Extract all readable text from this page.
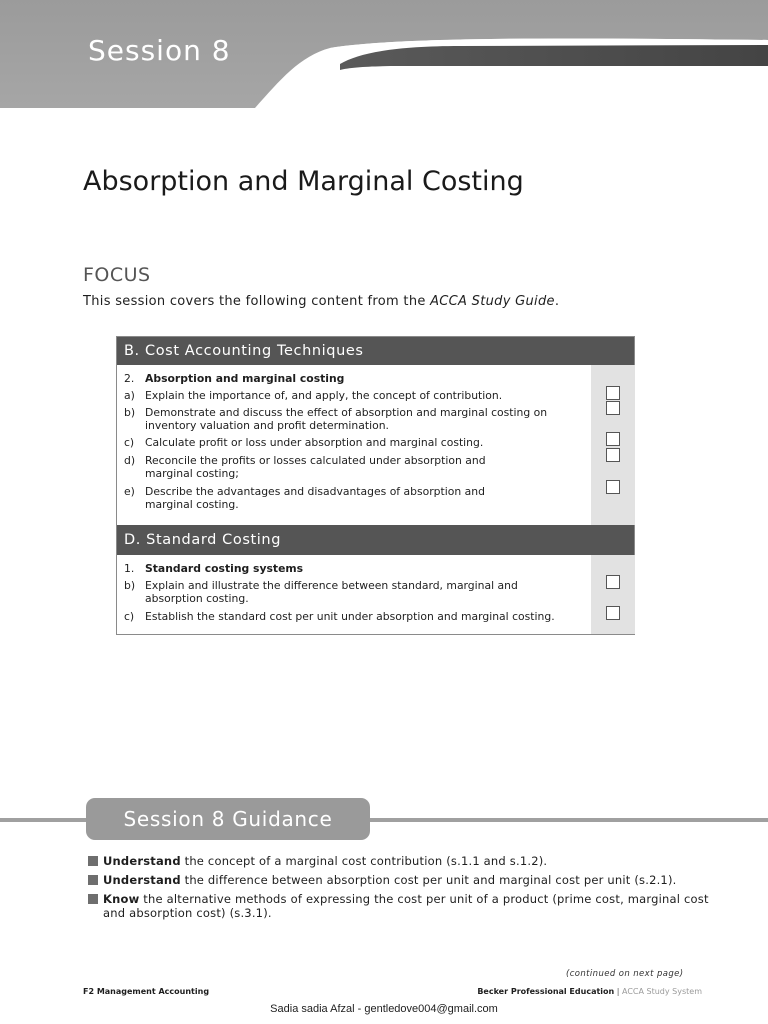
Session 8
Absorption and Marginal Costing
FOCUS
This session covers the following content from the ACCA Study Guide.
B. Cost Accounting Techniques
2. Absorption and marginal costing
a) Explain the importance of, and apply, the concept of contribution.
b) Demonstrate and discuss the effect of absorption and marginal costing on
inventory valuation and profit determination.
c) Calculate profit or loss under absorption and marginal costing.
d) Reconcile the profits or losses calculated under absorption and
marginal costing;
e) Describe the advantages and disadvantages of absorption and
marginal costing.
D. Standard Costing
1. Standard costing systems
b) Explain and illustrate the difference between standard, marginal and
absorption costing.
c) Establish the standard cost per unit under absorption and marginal costing.
Session 8 Guidance
Understand the concept of a marginal cost contribution (s.1.1 and s.1.2).
Understand the difference between absorption cost per unit and marginal cost per unit (s.2.1).
Know the alternative methods of expressing the cost per unit of a product (prime cost, marginal cost and absorption cost) (s.3.1).
(continued on next page)
F2 Management Accounting	Becker Professional Education | ACCA Study System
Sadia sadia Afzal - gentledove004@gmail.com
